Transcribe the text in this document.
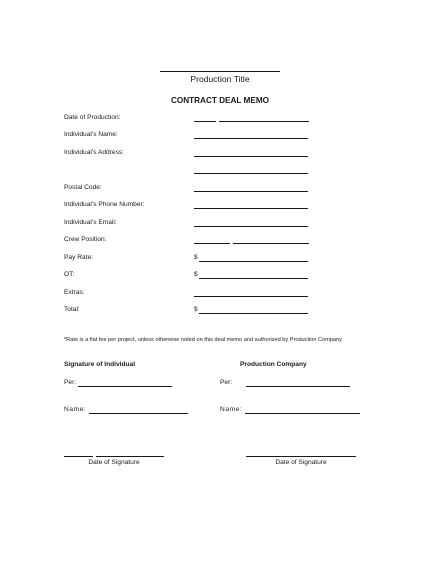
Production Title
CONTRACT DEAL MEMO
Date of Production:
Individual’s Name:
Individual’s Address:
Postal Code:
Individual’s Phone Number:
Individual’s Email:
Crew Position:
Pay Rate:	$
OT:	$
Extras:
Total:	$
*Rate is a flat fee per project, unless otherwise noted on this deal memo and authorized by Production Company
Signature of Individual
Per:
Name:
Date of Signature
Production Company
Per:
Name:
Date of Signature
